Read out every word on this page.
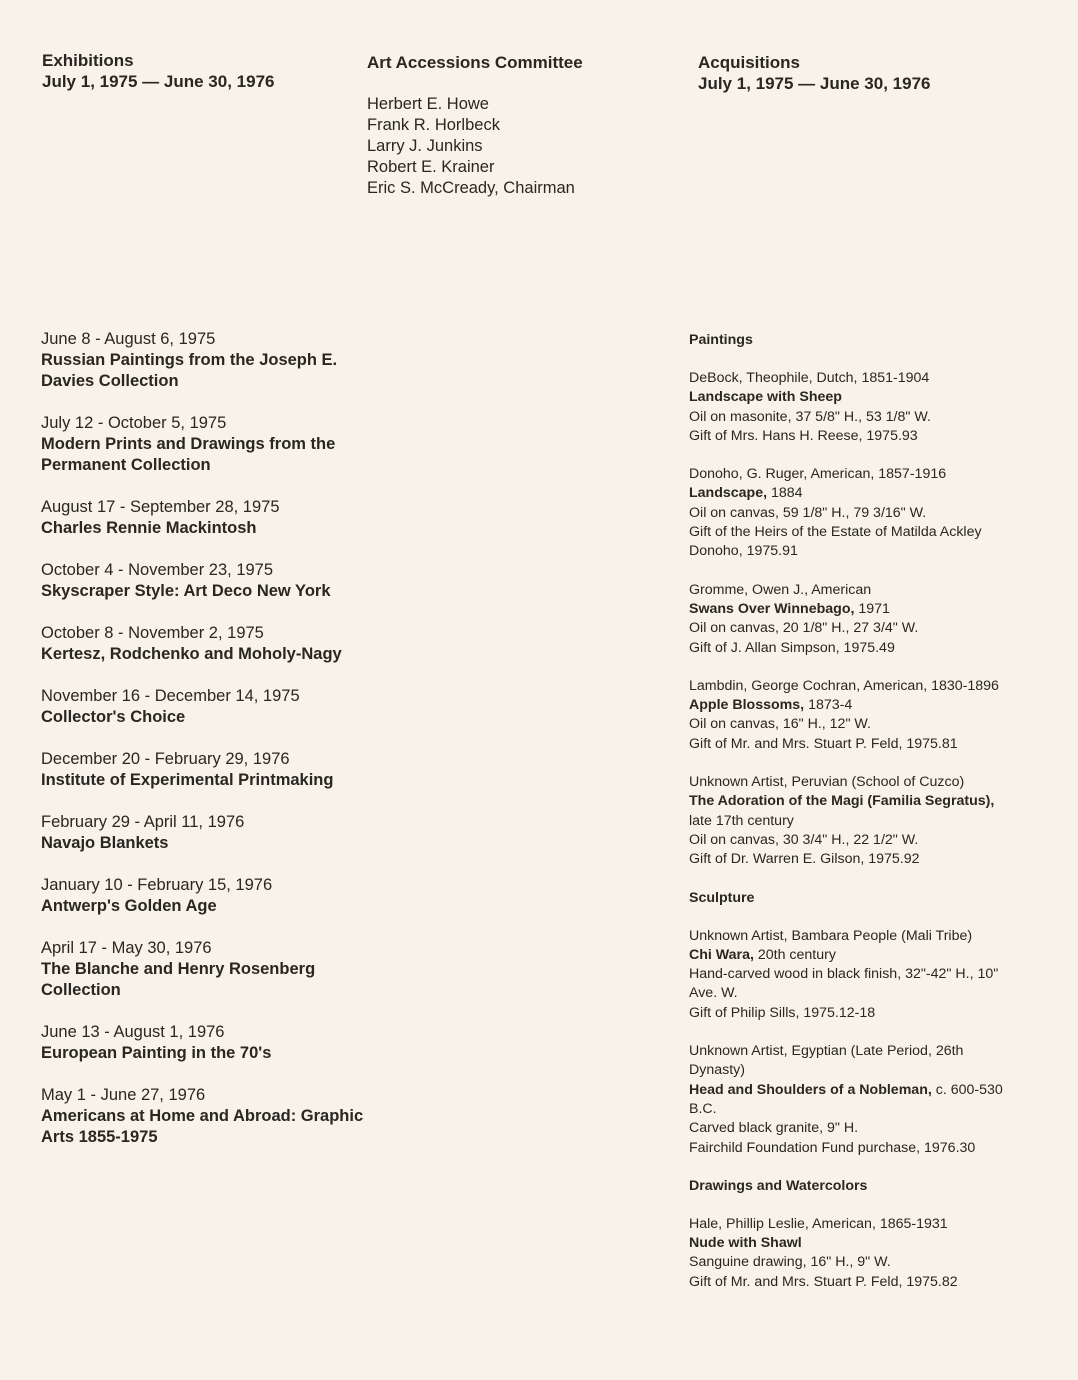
Exhibitions
July 1, 1975 — June 30, 1976
Art Accessions Committee
Herbert E. Howe
Frank R. Horlbeck
Larry J. Junkins
Robert E. Krainer
Eric S. McCready, Chairman
Acquisitions
July 1, 1975 — June 30, 1976
June 8 - August 6, 1975
Russian Paintings from the Joseph E. Davies Collection
July 12 - October 5, 1975
Modern Prints and Drawings from the Permanent Collection
August 17 - September 28, 1975
Charles Rennie Mackintosh
October 4 - November 23, 1975
Skyscraper Style: Art Deco New York
October 8 - November 2, 1975
Kertesz, Rodchenko and Moholy-Nagy
November 16 - December 14, 1975
Collector's Choice
December 20 - February 29, 1976
Institute of Experimental Printmaking
February 29 - April 11, 1976
Navajo Blankets
January 10 - February 15, 1976
Antwerp's Golden Age
April 17 - May 30, 1976
The Blanche and Henry Rosenberg Collection
June 13 - August 1, 1976
European Painting in the 70's
May 1 - June 27, 1976
Americans at Home and Abroad: Graphic Arts 1855-1975
Paintings
DeBock, Theophile, Dutch, 1851-1904
Landscape with Sheep
Oil on masonite, 37 5/8" H., 53 1/8" W.
Gift of Mrs. Hans H. Reese, 1975.93
Donoho, G. Ruger, American, 1857-1916
Landscape, 1884
Oil on canvas, 59 1/8" H., 79 3/16" W.
Gift of the Heirs of the Estate of Matilda Ackley Donoho, 1975.91
Gromme, Owen J., American
Swans Over Winnebago, 1971
Oil on canvas, 20 1/8" H., 27 3/4" W.
Gift of J. Allan Simpson, 1975.49
Lambdin, George Cochran, American, 1830-1896
Apple Blossoms, 1873-4
Oil on canvas, 16" H., 12" W.
Gift of Mr. and Mrs. Stuart P. Feld, 1975.81
Unknown Artist, Peruvian (School of Cuzco)
The Adoration of the Magi (Familia Segratus), late 17th century
Oil on canvas, 30 3/4" H., 22 1/2" W.
Gift of Dr. Warren E. Gilson, 1975.92
Sculpture
Unknown Artist, Bambara People (Mali Tribe)
Chi Wara, 20th century
Hand-carved wood in black finish, 32"-42" H., 10" Ave. W.
Gift of Philip Sills, 1975.12-18
Unknown Artist, Egyptian (Late Period, 26th Dynasty)
Head and Shoulders of a Nobleman, c. 600-530 B.C.
Carved black granite, 9" H.
Fairchild Foundation Fund purchase, 1976.30
Drawings and Watercolors
Hale, Phillip Leslie, American, 1865-1931
Nude with Shawl
Sanguine drawing, 16" H., 9" W.
Gift of Mr. and Mrs. Stuart P. Feld, 1975.82
